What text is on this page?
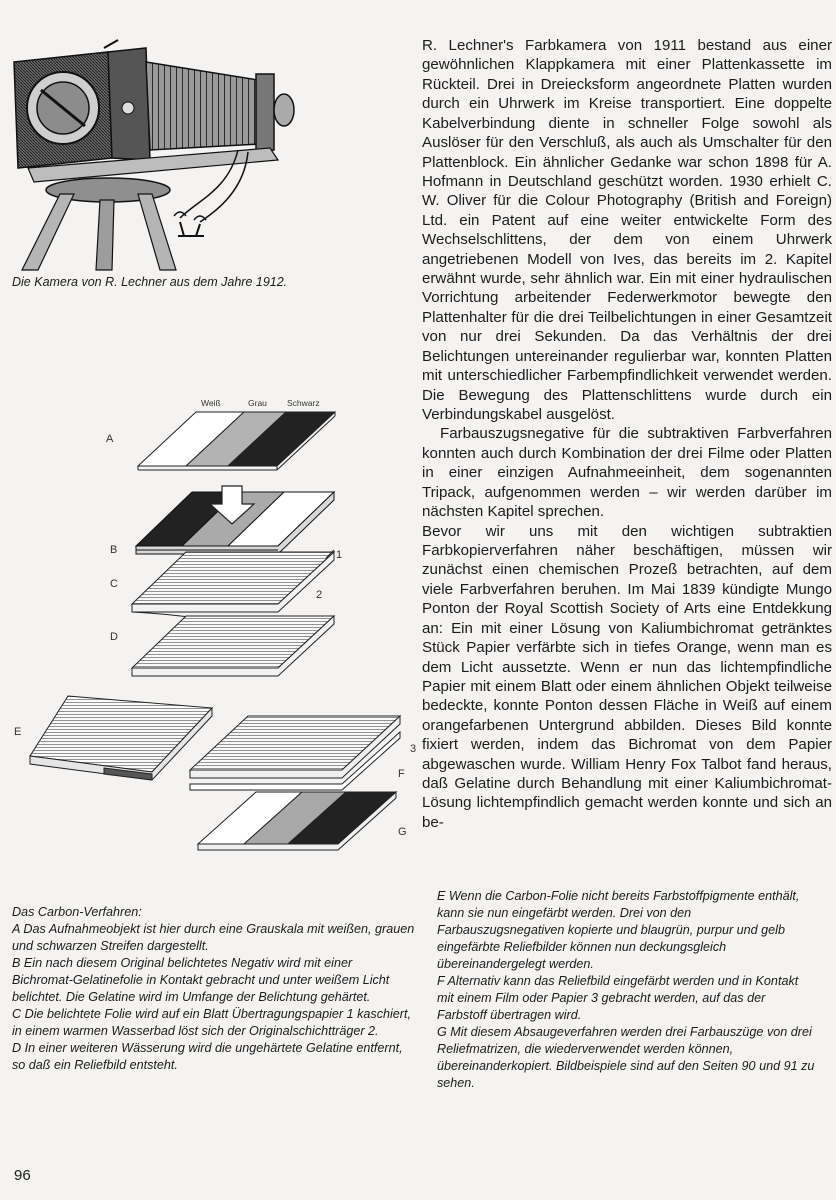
Die Kamera von R. Lechner aus dem Jahre 1912.

R. Lechner's Farbkamera von 1911 bestand aus einer gewöhnlichen Klappkamera mit einer Plattenkassette im Rückteil. Drei in Dreiecksform angeordnete Platten wurden durch ein Uhrwerk im Kreise transportiert. Eine doppelte Kabelverbindung diente in schneller Folge sowohl als Auslöser für den Verschluß, als auch als Umschalter für den Plattenblock. Ein ähnlicher Gedanke war schon 1898 für A. Hofmann in Deutschland geschützt worden. 1930 erhielt C. W. Oliver für die Colour Photography (British and Foreign) Ltd. ein Patent auf eine weiter entwickelte Form des Wechselschlittens, der dem von einem Uhrwerk angetriebenen Modell von Ives, das bereits im 2. Kapitel erwähnt wurde, sehr ähnlich war. Ein mit einer hydraulischen Vorrichtung arbeitender Federwerkmotor bewegte den Plattenhalter für die drei Teilbelichtungen in einer Gesamtzeit von nur drei Sekunden. Da das Verhältnis der drei Belichtungen untereinander regulierbar war, konnten Platten mit unterschiedlicher Farbempfindlichkeit verwendet werden. Die Bewegung des Plattenschlittens wurde durch ein Verbindungskabel ausgelöst.

Farbauszugsnegative für die subtraktiven Farbverfahren konnten auch durch Kombination der drei Filme oder Platten in einer einzigen Aufnahmeeinheit, dem sogenannten Tripack, aufgenommen werden – wir werden darüber im nächsten Kapitel sprechen.

Bevor wir uns mit den wichtigen subtraktien Farbkopierverfahren näher beschäftigen, müssen wir zunächst einen chemischen Prozeß betrachten, auf dem viele Farbverfahren beruhen. Im Mai 1839 kündigte Mungo Ponton der Royal Scottish Society of Arts eine Entdekkung an: Ein mit einer Lösung von Kaliumbichromat getränktes Stück Papier verfärbte sich in tiefes Orange, wenn man es dem Licht aussetzte. Wenn er nun das lichtempfindliche Papier mit einem Blatt oder einem ähnlichen Objekt teilweise bedeckte, konnte Ponton dessen Fläche in Weiß auf einem orangefarbenen Untergrund abbilden. Dieses Bild konnte fixiert werden, indem das Bichromat von dem Papier abgewaschen wurde. William Henry Fox Talbot fand heraus, daß Gelatine durch Behandlung mit einer Kaliumbichromat-Lösung lichtempfindlich gemacht werden konnte und sich an be-

Weiß	Grau Schwarz
A
B
C
1
2
D
E
3
F
G

Das Carbon-Verfahren:

A Das Aufnahmeobjekt ist hier durch eine Grauskala mit weißen, grauen und schwarzen Streifen dargestellt.

B Ein nach diesem Original belichtetes Negativ wird mit einer Bichromat-Gelatinefolie in Kontakt gebracht und unter weißem Licht belichtet. Die Gelatine wird im Umfange der Belichtung gehärtet.

C Die belichtete Folie wird auf ein Blatt Übertragungspapier 1 kaschiert, in einem warmen Wasserbad löst sich der Originalschichtträger 2.

D In einer weiteren Wässerung wird die ungehärtete Gelatine entfernt, so daß ein Reliefbild entsteht.

E Wenn die Carbon-Folie nicht bereits Farbstoffpigmente enthält, kann sie nun eingefärbt werden. Drei von den Farbauszugsnegativen kopierte und blaugrün, purpur und gelb eingefärbte Reliefbilder können nun deckungsgleich übereinandergelegt werden.

F Alternativ kann das Reliefbild eingefärbt werden und in Kontakt mit einem Film oder Papier 3 gebracht werden, auf das der Farbstoff übertragen wird.

G Mit diesem Absaugeverfahren werden drei Farbauszüge von drei Reliefmatrizen, die wiederverwendet werden können, übereinanderkopiert. Bildbeispiele sind auf den Seiten 90 und 91 zu sehen.

96
